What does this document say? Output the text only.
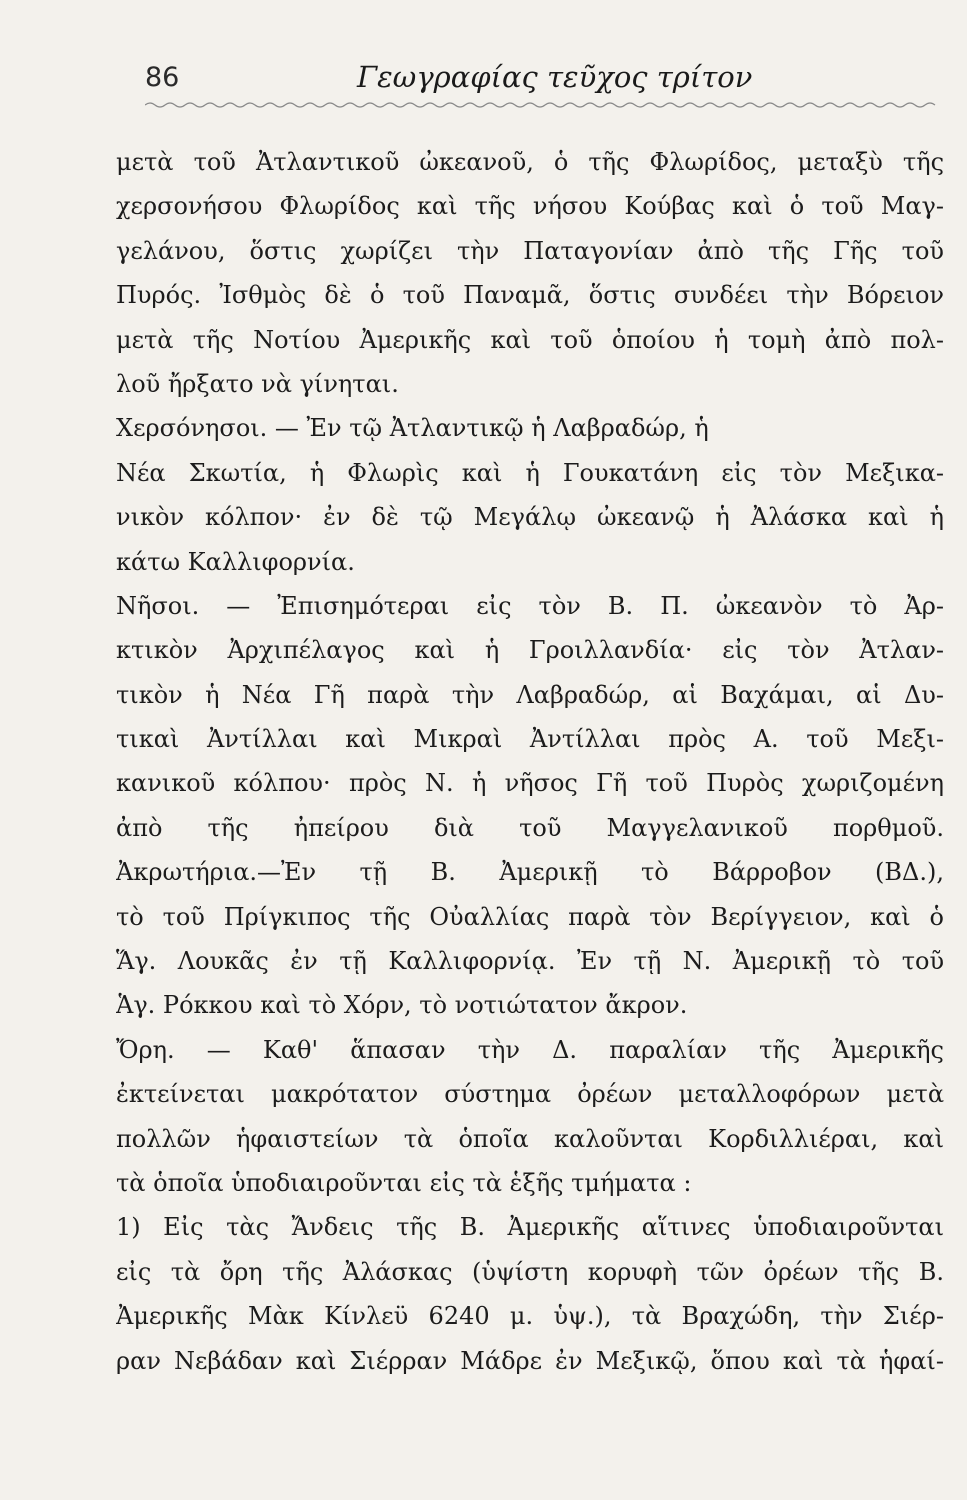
86	Γεωγραφίας τεῦχος τρίτον
μετὰ τοῦ Ἀτλαντικοῦ ὠκεανοῦ, ὁ τῆς Φλωρίδος, μεταξὺ τῆς
χερσονήσου Φλωρίδος καὶ τῆς νήσου Κούβας καὶ ὁ τοῦ Μαγ-
γελάνου, ὅστις χωρίζει τὴν Παταγονίαν ἀπὸ τῆς Γῆς τοῦ
Πυρός. Ἰσθμὸς δὲ ὁ τοῦ Παναμᾶ, ὅστις συνδέει τὴν Βόρειον
μετὰ τῆς Νοτίου Ἀμερικῆς καὶ τοῦ ὁποίου ἡ τομὴ ἀπὸ πολ-
λοῦ ἤρξατο νὰ γίνηται.
Χερσόνησοι. — Ἐν τῷ Ἀτλαντικῷ ἡ Λαβραδώρ, ἡ
Νέα Σκωτία, ἡ Φλωρὶς καὶ ἡ Γουκατάνη εἰς τὸν Μεξικα-
νικὸν κόλπον· ἐν δὲ τῷ Μεγάλῳ ὠκεανῷ ἡ Ἀλάσκα καὶ ἡ
κάτω Καλλιφορνία.
Νῆσοι. — Ἐπισημότεραι εἰς τὸν Β. Π. ὠκεανὸν τὸ Ἀρ-
κτικὸν Ἀρχιπέλαγος καὶ ἡ Γροιλλανδία· εἰς τὸν Ἀτλαν-
τικὸν ἡ Νέα Γῆ παρὰ τὴν Λαβραδώρ, αἱ Βαχάμαι, αἱ Δυ-
τικαὶ Ἀντίλλαι καὶ Μικραὶ Ἀντίλλαι πρὸς Α. τοῦ Μεξι-
κανικοῦ κόλπου· πρὸς Ν. ἡ νῆσος Γῆ τοῦ Πυρὸς χωριζομένη
ἀπὸ τῆς ἠπείρου διὰ τοῦ Μαγγελανικοῦ πορθμοῦ.
Ἀκρωτήρια.—Ἐν τῇ Β. Ἀμερικῇ τὸ Βάρροβον (ΒΔ.),
τὸ τοῦ Πρίγκιπος τῆς Οὐαλλίας παρὰ τὸν Βερίγγειον, καὶ ὁ
Ἅγ. Λουκᾶς ἐν τῇ Καλλιφορνίᾳ. Ἐν τῇ Ν. Ἀμερικῇ τὸ τοῦ
Ἁγ. Ρόκκου καὶ τὸ Χόρν, τὸ νοτιώτατον ἄκρον.
Ὄρη. — Καθ' ἅπασαν τὴν Δ. παραλίαν τῆς Ἀμερικῆς
ἐκτείνεται μακρότατον σύστημα ὀρέων μεταλλοφόρων μετὰ
πολλῶν ἡφαιστείων τὰ ὁποῖα καλοῦνται Κορδιλλιέραι, καὶ
τὰ ὁποῖα ὑποδιαιροῦνται εἰς τὰ ἑξῆς τμήματα :
1) Εἰς τὰς Ἄνδεις τῆς Β. Ἀμερικῆς αἵτινες ὑποδιαιροῦνται
εἰς τὰ ὄρη τῆς Ἀλάσκας (ὑψίστη κορυφὴ τῶν ὀρέων τῆς Β.
Ἀμερικῆς Μὰκ Κίνλεϋ 6240 μ. ὑψ.), τὰ Βραχώδη, τὴν Σιέρ-
ραν Νεβάδαν καὶ Σιέρραν Μάδρε ἐν Μεξικῷ, ὅπου καὶ τὰ ἡφαί-
